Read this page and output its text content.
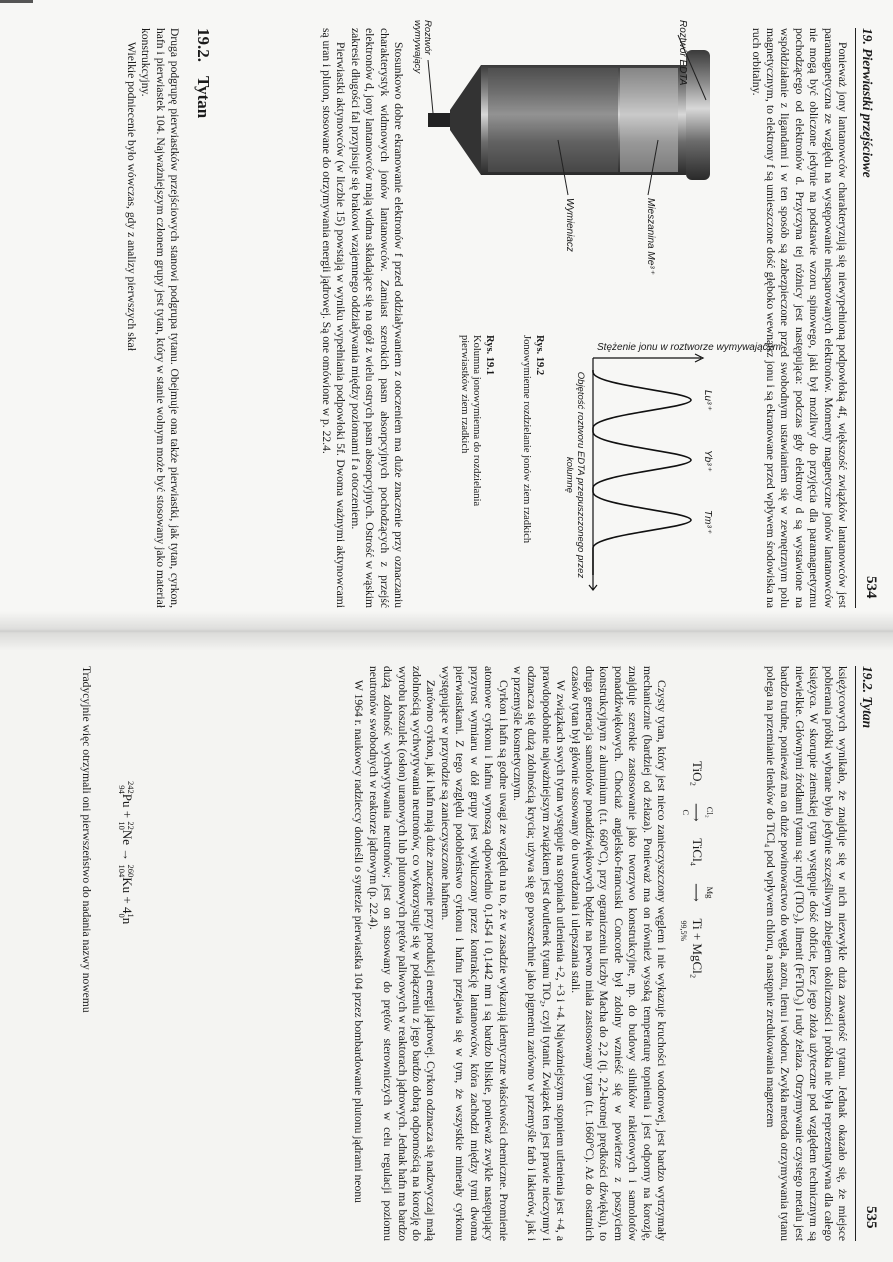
19. Pierwiastki przejściowe
534

Ponieważ jony lantanowców charakteryzują się niewypełnioną podpowłoką 4f, większość związków lantanowców jest paramagnetyczna ze względu na występowanie niesparowanych elektronów. Momenty magnetyczne jonów lantanowców nie mogą być obliczone jedynie na podstawie wzoru spinowego, jaki był możliwy do przyjęcia dla paramagnetyzmu pochodzącego od elektronów d. Przyczyna tej różnicy jest następująca: podczas gdy elektrony d są wystawione na współdziałanie z ligandami i w ten sposób są zabezpieczone przed swobodnym ustawianiem się w zewnętrznym polu magnetycznym, to elektrony f są umieszczone dość głęboko wewnątrz jonu i są ekranowane przed wpływem środowiska na ruch orbitalny.

Roztwór EDTA
Mieszanina Me³⁺
Wymieniacz
Roztwór wymywający
Stężenie jonu w roztworze wymywającym
Lu³⁺
Yb³⁺
Tm³⁺
Objętość roztworu EDTA przepuszczonego przez kolumnę
Rys. 19.2
Jonowymienne rozdzielanie jonów ziem rzadkich
Rys. 19.1
Kolumna jonowymienna do rozdzielania pierwiastków ziem rzadkich

Stosunkowo dobre ekranowanie elektronów f przed oddziaływaniem z otoczeniem ma duże znaczenie przy oznaczaniu charakterystyk widmowych jonów lantanowców. Zamiast szerokich pasm absorpcyjnych pochodzących z przejść elektronów d, jony lantanowców mają widma składające się na ogół z wielu ostrych pasm absorpcyjnych. Ostrość w wąskim zakresie długości fal przypisuje się brakowi wzajemnego oddziaływania między poziomami f a otoczeniem.

Pierwiastki aktynowców (w liczbie 15) powstają w wyniku wypełniania podpowłoki 5f. Dwoma ważnymi aktynowcami są uran i pluton, stosowane do otrzymywania energii jądrowej. Są one omówione w p. 22.4.

19.2.Tytan

Druga podgrupę pierwiastków przejściowych stanowi podgrupa tytanu. Obejmuje ona także pierwiastki, jak tytan, cyrkon, hafn i pierwiastek 104. Najważniejszym członem grupy jest tytan, który w stanie wolnym może być stosowany jako materiał konstrukcyjny.

Wielkie podniecenie było wówczas, gdy z analizy pierwszych skał

19.2. Tytan
535

księżycowych wynikało, że znajduje się w nich niezwykle duża zawartość tytanu. Jednak okazało się, że miejsce pobierania próbki wybrane było jedynie szczęśliwym zbiegiem okoliczności i próbka nie była reprezentatywna dla całego księżyca. W skorupie ziemskiej tytan występuje dość obficie, lecz jego złoża użyteczne pod względem technicznym są niewielkie. Głównymi źródłami tytanu są: rutyl (TiO₂), ilmenit (FeTiO₃) i rudy żelaza. Otrzymywanie czystego metalu jest bardzo trudne, ponieważ ma on duże powinowactwo do węgla, azotu, tlenu i wodoru. Zwykła metoda otrzymywania tytanu polega na przemianie tlenków do TiCl₄ pod wpływem chloru, a następnie zredukowania magnezem

TiO₂
Cl₂
⟶
C
TiCl₄
Mg
⟶ Ti + MgCl₂
99,5%

Czysty tytan, który jest nieco zanieczyszczony węglem i nie wykazuje kruchości wodorowej, jest bardzo wytrzymały mechanicznie (bardziej od żelaza). Ponieważ ma on również wysoką temperaturę topnienia i jest odporny na korozję, znajduje szerokie zastosowanie jako tworzywo konstrukcyjne, np. do budowy silników rakietowych i samolotów ponaddźwiękowych. Chociaż angielsko-francuski Concorde był zdolny wznieść się w powietrze z poszyciem konstrukcyjnym z aluminium (t.t. 660°C), przy ograniczeniu liczby Macha do 2,2 (tj. 2,2-krotnej prędkości dźwięku), to druga generacja samolotów ponaddźwiękowych będzie na pewno miała zastosowany tytan (t.t. 1660°C). Aż do ostatnich czasów tytan był głównie stosowany do utwardzania i ulepszania stali.

W związkach swych tytan występuje na stopniach utlenienia +2, +3 i +4. Najważniejszym stopniem utlenienia jest +4, a prawdopodobnie najważniejszym związkiem jest dwutlenek tytanu TiO₂, czyli tytanit. Związek ten jest prawie nieczynny i odznacza się dużą zdolnością krycia; używa się go powszechnie jako pigmentu zarówno w przemyśle farb i lakierów, jak i w przemyśle kosmetycznym.

Cyrkon i hafn są godne uwagi ze względu na to, że w zasadzie wykazują identyczne właściwości chemiczne. Promienie atomowe cyrkonu i hafnu wynoszą odpowiednio 0,1454 i 0,1442 nm i są bardzo bliskie, ponieważ zwykle następujący przyrost wymiaru w dół grupy jest wykluczony przez kontrakcję lantanowców, która zachodzi między tymi dwoma pierwiastkami. Z tego względu podobieństwo cyrkonu i hafnu przejawia się w tym, że wszystkie minerały cyrkonu występujące w przyrodzie są zanieczyszczone hafnem.

Zarówno cyrkon, jak i hafn mają duże znaczenie przy produkcji energii jądrowej. Cyrkon odznacza się nadzwyczaj małą zdolnością wychwytywania neutronów, co wykorzystuje się w połączeniu z jego bardzo dobrą odpornością na korozję do wyrobu koszulek (osłon) uranowych lub plutonowych prętów paliwowych w reaktorach jądrowych. Jednak hafn ma bardzo dużą zdolność wychwytywania neutronów; jest on stosowany do prętów sterowniczych w celu regulacji poziomu neutronów swobodnych w reaktorze jądrowym (p. 22.4).

W 1964 r. naukowcy radzieccy donieśli o syntezie pierwiastka 104 przez bombardowanie plutonu jądrami neonu

242
94Pu + 22
10Ne → 260
104Ku + 41
0n

Tradycyjnie więc otrzymali oni pierwszeństwo do nadania nazwy nowemu
